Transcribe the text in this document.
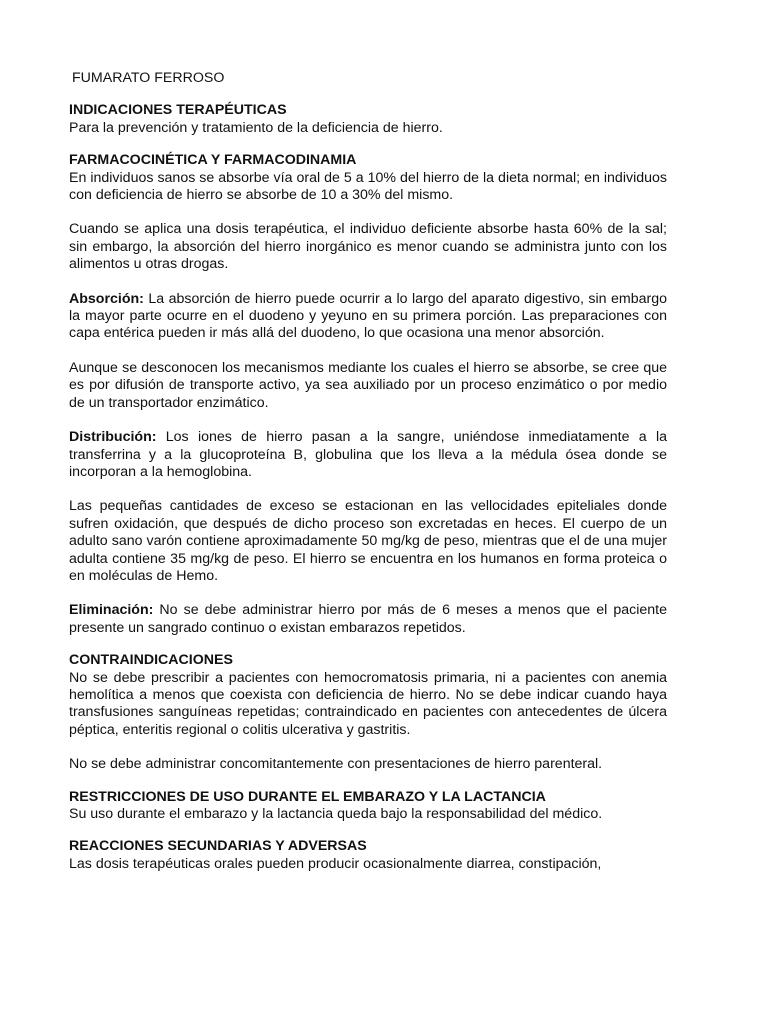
FUMARATO FERROSO

INDICACIONES TERAPÉUTICAS

Para la prevención y tratamiento de la deficiencia de hierro.

FARMACOCINÉTICA Y FARMACODINAMIA

En individuos sanos se absorbe vía oral de 5 a 10% del hierro de la dieta normal; en individuos con deficiencia de hierro se absorbe de 10 a 30% del mismo.

Cuando se aplica una dosis terapéutica, el individuo deficiente absorbe hasta 60% de la sal; sin embargo, la absorción del hierro inorgánico es menor cuando se administra junto con los alimentos u otras drogas.

Absorción: La absorción de hierro puede ocurrir a lo largo del aparato digestivo, sin embargo la mayor parte ocurre en el duodeno y yeyuno en su primera porción. Las preparaciones con capa entérica pueden ir más allá del duodeno, lo que ocasiona una menor absorción.

Aunque se desconocen los mecanismos mediante los cuales el hierro se absorbe, se cree que es por difusión de transporte activo, ya sea auxiliado por un proceso enzimático o por medio de un transportador enzimático.

Distribución: Los iones de hierro pasan a la sangre, uniéndose inmediatamente a la transferrina y a la glucoproteína B, globulina que los lleva a la médula ósea donde se incorporan a la hemoglobina.

Las pequeñas cantidades de exceso se estacionan en las vellocidades epiteliales donde sufren oxidación, que después de dicho proceso son excretadas en heces. El cuerpo de un adulto sano varón contiene aproximadamente 50 mg/kg de peso, mientras que el de una mujer adulta contiene 35 mg/kg de peso. El hierro se encuentra en los humanos en forma proteica o en moléculas de Hemo.

Eliminación: No se debe administrar hierro por más de 6 meses a menos que el paciente presente un sangrado continuo o existan embarazos repetidos.

CONTRAINDICACIONES

No se debe prescribir a pacientes con hemocromatosis primaria, ni a pacientes con anemia hemolítica a menos que coexista con deficiencia de hierro. No se debe indicar cuando haya transfusiones sanguíneas repetidas; contraindicado en pacientes con antecedentes de úlcera péptica, enteritis regional o colitis ulcerativa y gastritis.

No se debe administrar concomitantemente con presentaciones de hierro parenteral.

RESTRICCIONES DE USO DURANTE EL EMBARAZO Y LA LACTANCIA

Su uso durante el embarazo y la lactancia queda bajo la responsabilidad del médico.

REACCIONES SECUNDARIAS Y ADVERSAS

Las dosis terapéuticas orales pueden producir ocasionalmente diarrea, constipación,
